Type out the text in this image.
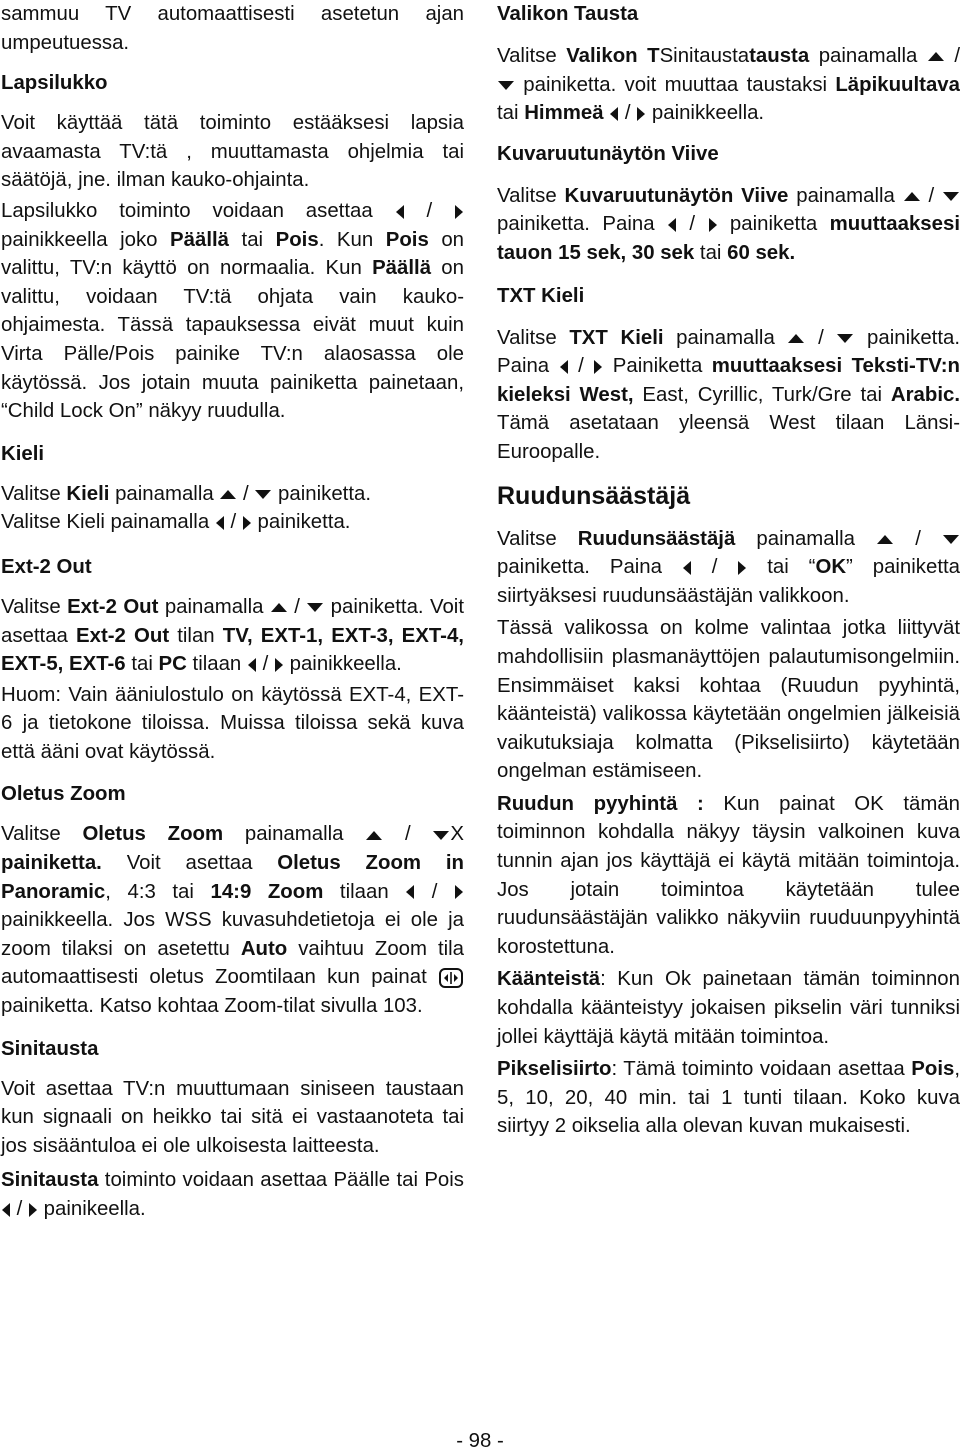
sammuu TV automaattisesti asetetun ajan umpeutuessa.

Lapsilukko

Voit käyttää tätä toiminto estääksesi lapsia avaamasta TV:tä , muuttamasta ohjelmia tai säätöjä, jne. ilman kauko-ohjainta.

Lapsilukko toiminto voidaan asettaa  /  painikkeella joko Päällä tai Pois. Kun Pois on valittu, TV:n käyttö on normaalia. Kun Päällä on valittu, voidaan TV:tä ohjata vain kauko-ohjaimesta. Tässä tapauksessa eivät muut kuin Virta Pälle/Pois painike TV:n alaosassa ole käytössä. Jos jotain muuta painiketta painetaan, “Child Lock On” näkyy ruudulla.

Kieli

Valitse Kieli painamalla  /  painiketta.
Valitse Kieli painamalla  /  painiketta.

Ext-2 Out

Valitse Ext-2 Out painamalla  /  painiketta. Voit asettaa Ext-2 Out tilan TV, EXT-1, EXT-3, EXT-4, EXT-5, EXT-6 tai PC tilaan  /  painikkeella.

Huom: Vain ääniulostulo on käytössä EXT-4, EXT-6 ja tietokone tiloissa. Muissa tiloissa sekä kuva että ääni ovat käytössä.

Oletus Zoom

Valitse Oletus Zoom painamalla  / X painiketta. Voit asettaa Oletus Zoom in Panoramic, 4:3 tai 14:9 Zoom tilaan  /  painikkeella. Jos WSS kuvasuhdetietoja ei ole ja zoom tilaksi on asetettu Auto vaihtuu Zoom tila automaattisesti oletus Zoomtilaan kun painat  painiketta. Katso kohtaa Zoom-tilat sivulla 103.

Sinitausta

Voit asettaa TV:n muuttumaan siniseen taustaan kun signaali on heikko tai sitä ei vastaanoteta tai jos sisääntuloa ei ole ulkoisesta laitteesta.

Sinitausta toiminto voidaan asettaa Päälle tai Pois  /  painikeella.

Valikon Tausta

Valitse Valikon TSinitaustatausta painamalla  /  painiketta. voit muuttaa taustaksi Läpikuultava tai Himmeä  /  painikkeella.

Kuvaruutunäytön Viive

Valitse Kuvaruutunäytön Viive painamalla  /  painiketta. Paina  /  painiketta muuttaaksesi tauon 15 sek, 30 sek tai 60 sek.

TXT Kieli

Valitse TXT Kieli painamalla  /  painiketta. Paina  /  Painiketta muuttaaksesi Teksti-TV:n kieleksi West, East, Cyrillic, Turk/Gre tai Arabic. Tämä asetataan yleensä West tilaan Länsi-Euroopalle.

Ruudunsäästäjä

Valitse Ruudunsäästäjä painamalla  /  painiketta. Paina  /  tai “OK” painiketta siirtyäksesi ruudunsäästäjän valikkoon.

Tässä valikossa on kolme valintaa jotka liittyvät mahdollisiin plasmanäyttöjen palautumisongelmiin. Ensimmäiset kaksi kohtaa (Ruudun pyyhintä, käänteistä) valikossa käytetään ongelmien jälkeisiä vaikutuksiaja kolmatta (Pikselisiirto) käytetään ongelman estämiseen.

Ruudun pyyhintä : Kun painat OK tämän toiminnon kohdalla näkyy täysin valkoinen kuva tunnin ajan jos käyttäjä ei käytä mitään toimintoja. Jos jotain toimintoa käytetään tulee ruudunsäästäjän valikko näkyviin ruuduunpyyhintä korostettuna.

Käänteistä: Kun Ok painetaan tämän toiminnon kohdalla käänteistyy jokaisen pikselin väri tunniksi jollei käyttäjä käytä mitään toimintoa.

Pikselisiirto: Tämä toiminto voidaan asettaa Pois, 5, 10, 20, 40 min. tai 1 tunti tilaan. Koko kuva siirtyy 2 oikselia alla olevan kuvan mukaisesti.

- 98 -
